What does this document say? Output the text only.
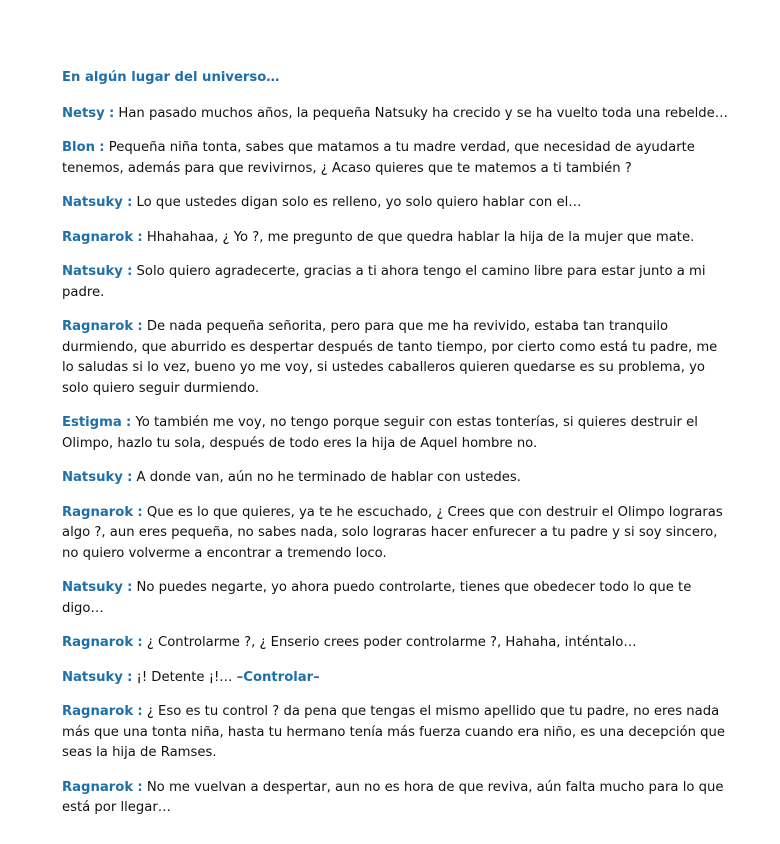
En algún lugar del universo…
Netsy : Han pasado muchos años, la pequeña Natsuky ha crecido y se ha vuelto toda una rebelde…
Blon : Pequeña niña tonta, sabes que matamos a tu madre verdad, que necesidad de ayudarte tenemos, además para que revivirnos, ¿ Acaso quieres que te matemos a ti también ?
Natsuky : Lo que ustedes digan solo es relleno, yo solo quiero hablar con el…
Ragnarok : Hhahahaa, ¿ Yo ?, me pregunto de que quedra hablar la hija de la mujer que mate.
Natsuky : Solo quiero agradecerte, gracias a ti ahora tengo el camino libre para estar junto a mi padre.
Ragnarok : De nada pequeña señorita, pero para que me ha revivido, estaba tan tranquilo durmiendo, que aburrido es despertar después de tanto tiempo, por cierto como está tu padre, me lo saludas si lo vez, bueno yo me voy, si ustedes caballeros quieren quedarse es su problema, yo solo quiero seguir durmiendo.
Estigma : Yo también me voy, no tengo porque seguir con estas tonterías, si quieres destruir el Olimpo, hazlo tu sola, después de todo eres la hija de Aquel hombre no.
Natsuky : A donde van, aún no he terminado de hablar con ustedes.
Ragnarok : Que es lo que quieres, ya te he escuchado, ¿ Crees que con destruir el Olimpo lograras algo ?, aun eres pequeña, no sabes nada, solo lograras hacer enfurecer a tu padre y si soy sincero, no quiero volverme a encontrar a tremendo loco.
Natsuky : No puedes negarte, yo ahora puedo controlarte, tienes que obedecer todo lo que te digo…
Ragnarok : ¿ Controlarme ?, ¿ Enserio crees poder controlarme ?, Hahaha, inténtalo…
Natsuky : ¡! Detente ¡!… –Controlar–
Ragnarok : ¿ Eso es tu control ? da pena que tengas el mismo apellido que tu padre, no eres nada más que una tonta niña, hasta tu hermano tenía más fuerza cuando era niño, es una decepción que seas la hija de Ramses.
Ragnarok : No me vuelvan a despertar, aun no es hora de que reviva, aún falta mucho para lo que está por llegar…
